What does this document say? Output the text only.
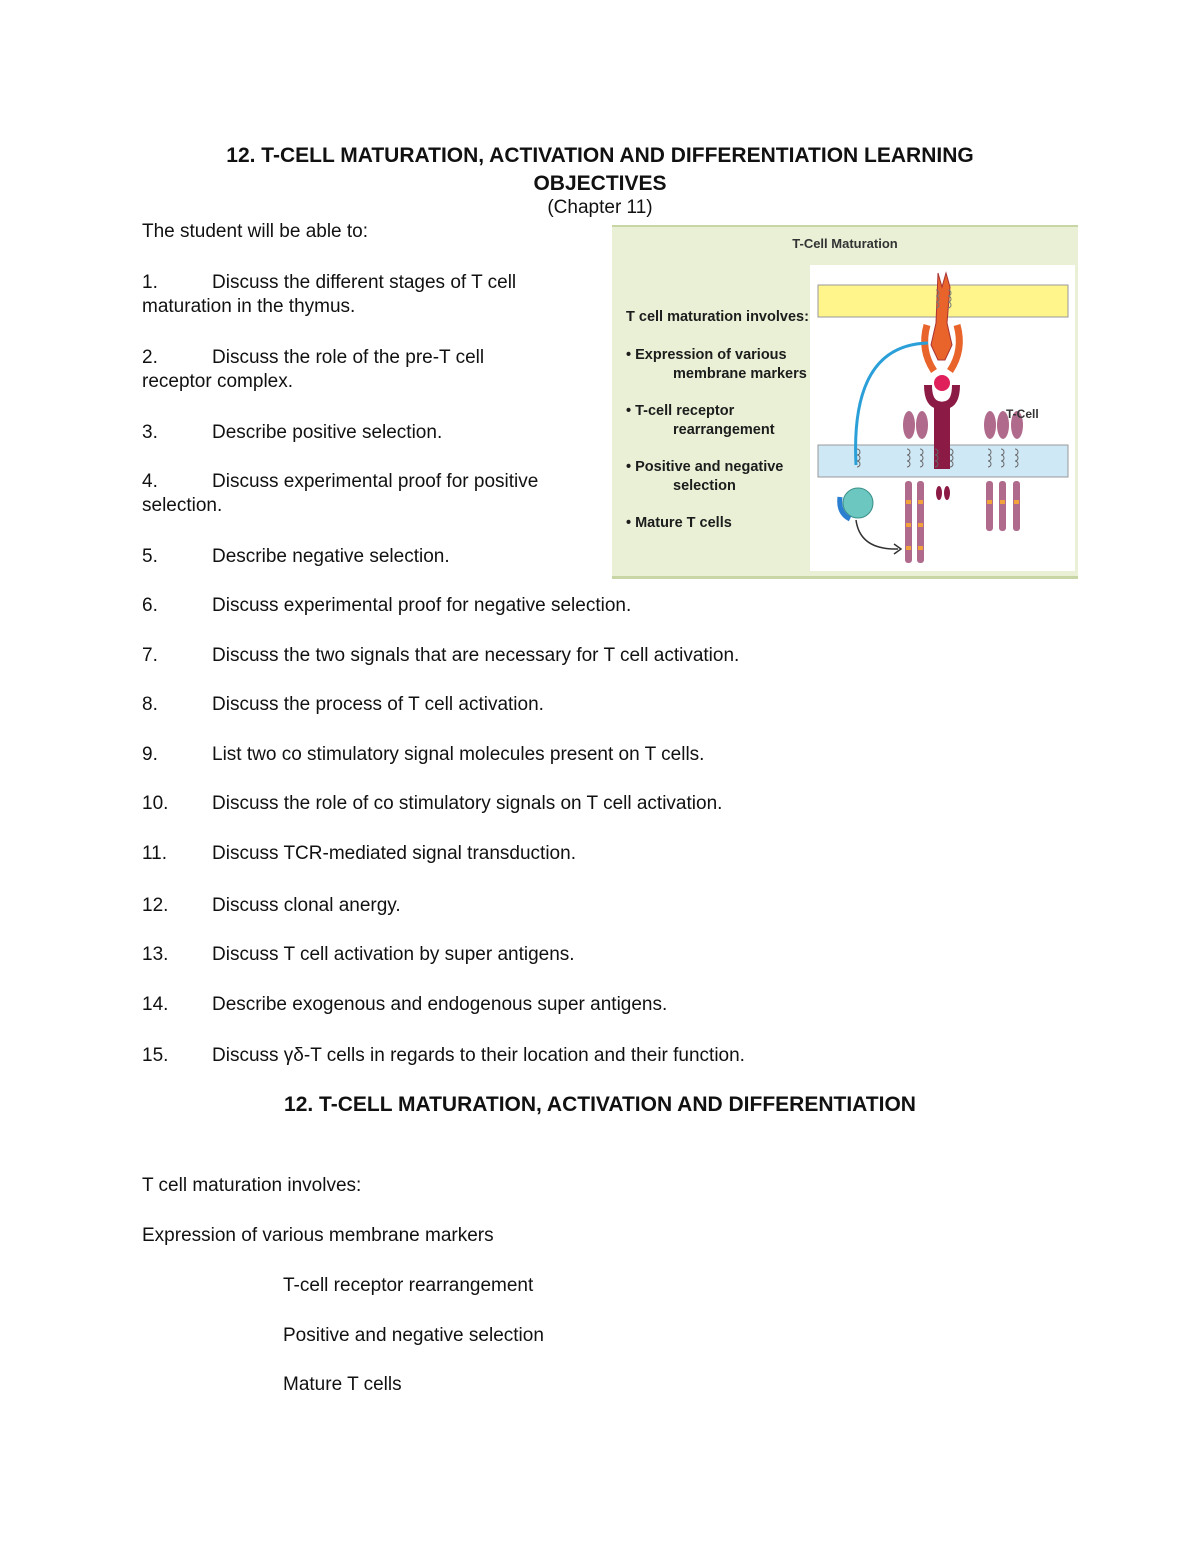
12. T-CELL MATURATION, ACTIVATION AND DIFFERENTIATION LEARNING
OBJECTIVES
(Chapter 11)
The student will be able to:
1.	Discuss the different stages of T cell
maturation in the thymus.
2.	Discuss the role of the pre-T cell
receptor complex.
3.	Describe positive selection.
4.	Discuss experimental proof for positive
selection.
5.	Describe negative selection.
6.	Discuss experimental proof for negative selection.
7.	Discuss the two signals that are necessary for T cell activation.
8.	Discuss the process of T cell activation.
9.	List two co stimulatory signal molecules present on T cells.
10. Discuss the role of co stimulatory signals on T cell activation.
11. Discuss TCR-mediated signal transduction.
12. Discuss clonal anergy.
13. Discuss T cell activation by super antigens.
14. Describe exogenous and endogenous super antigens.
15. Discuss γδ-T cells in regards to their location and their function.
12. T-CELL MATURATION, ACTIVATION AND DIFFERENTIATION
T cell maturation involves:
Expression of various membrane markers
T-cell receptor rearrangement
Positive and negative selection
Mature T cells
T-Cell Maturation
T cell maturation involves:
• Expression of various
membrane markers
• T-cell receptor
rearrangement
• Positive and negative
selection
• Mature T cells
T-Cell
